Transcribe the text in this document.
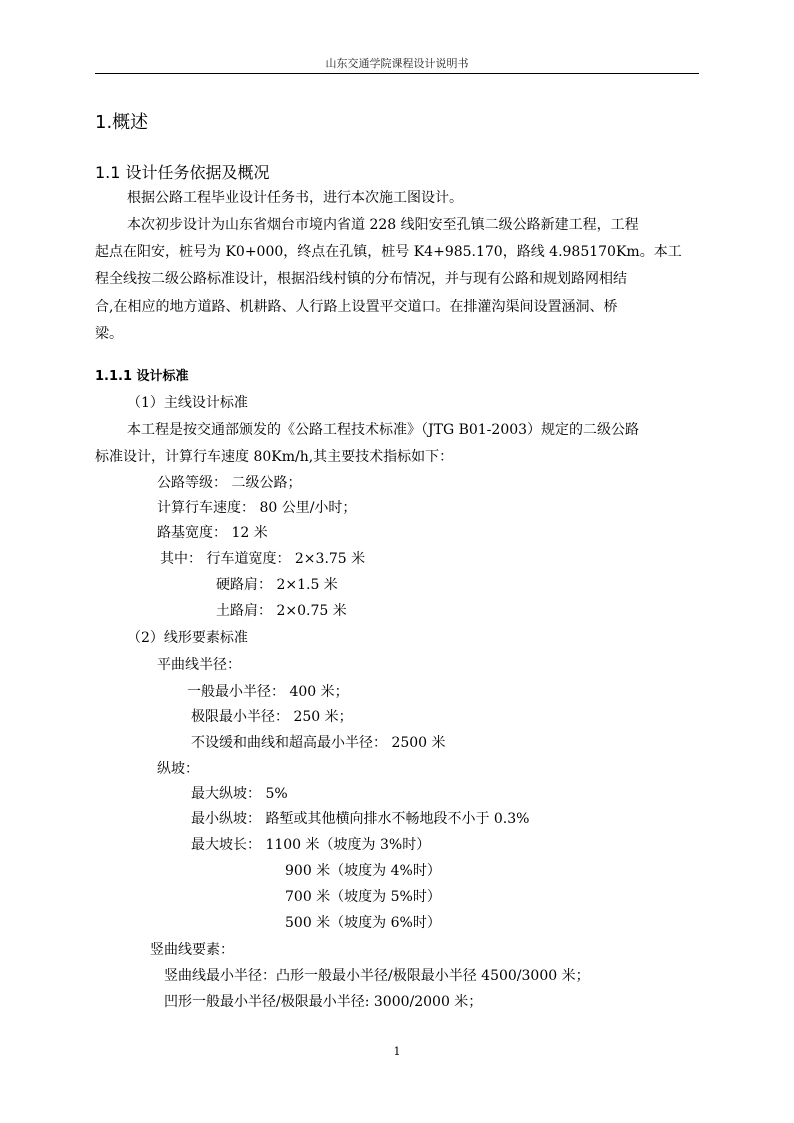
山东交通学院课程设计说明书
1.概述
1.1 设计任务依据及概况
根据公路工程毕业设计任务书，进行本次施工图设计。
本次初步设计为山东省烟台市境内省道 228 线阳安至孔镇二级公路新建工程，工程
起点在阳安，桩号为 K0+000，终点在孔镇，桩号 K4+985.170，路线 4.985170Km。本工
程全线按二级公路标准设计，根据沿线村镇的分布情况，并与现有公路和规划路网相结
合,在相应的地方道路、机耕路、人行路上设置平交道口。在排灌沟渠间设置涵洞、桥
梁。
1.1.1 设计标准
（1）主线设计标准
本工程是按交通部颁发的《公路工程技术标准》（JTG B01-2003）规定的二级公路
标准设计，计算行车速度 80Km/h,其主要技术指标如下：
公路等级： 二级公路；
计算行车速度： 80 公里/小时；
路基宽度： 12 米
其中： 行车道宽度： 2×3.75 米
硬路肩： 2×1.5 米
土路肩： 2×0.75 米
（2）线形要素标准
平曲线半径：
一般最小半径： 400 米；
极限最小半径： 250 米；
不设缓和曲线和超高最小半径： 2500 米
纵坡：
最大纵坡： 5%
最小纵坡： 路堑或其他横向排水不畅地段不小于 0.3%
最大坡长： 1100 米（坡度为 3%时）
900 米（坡度为 4%时）
700 米（坡度为 5%时）
500 米（坡度为 6%时）
竖曲线要素：
竖曲线最小半径：凸形一般最小半径/极限最小半径 4500/3000 米；
凹形一般最小半径/极限最小半径: 3000/2000 米；
1
